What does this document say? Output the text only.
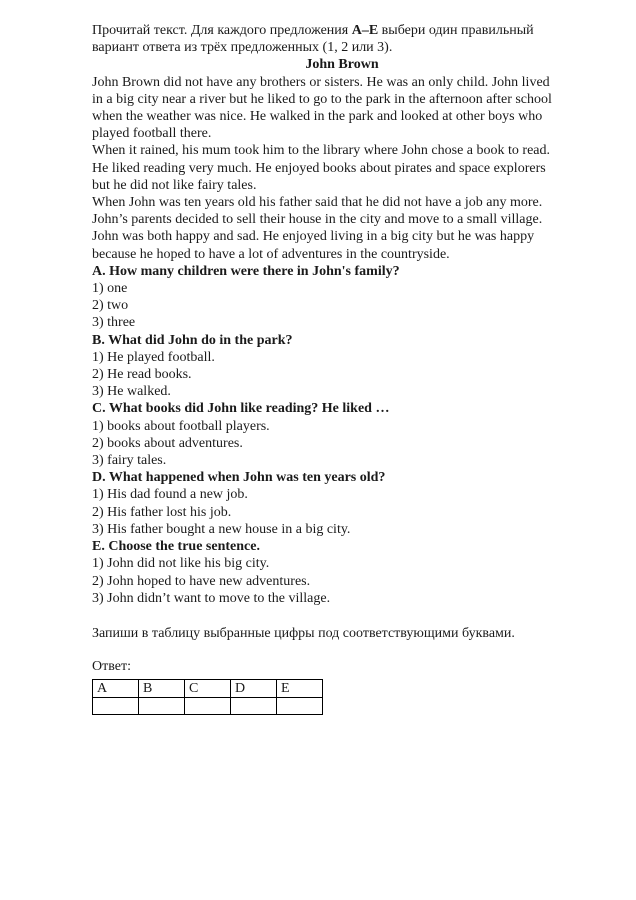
Прочитай текст. Для каждого предложения A–E выбери один правильный
вариант ответа из трёх предложенных (1, 2 или 3).
John Brown
John Brown did not have any brothers or sisters. He was an only child. John lived
in a big city near a river but he liked to go to the park in the afternoon after school
when the weather was nice. He walked in the park and looked at other boys who
played football there.
When it rained, his mum took him to the library where John chose a book to read.
He liked reading very much. He enjoyed books about pirates and space explorers
but he did not like fairy tales.
When John was ten years old his father said that he did not have a job any more.
John’s parents decided to sell their house in the city and move to a small village.
John was both happy and sad. He enjoyed living in a big city but he was happy
because he hoped to have a lot of adventures in the countryside.
A. How many children were there in John's family?
1) one
2) two
3) three
B. What did John do in the park?
1) He played football.
2) He read books.
3) He walked.
C. What books did John like reading? He liked …
1) books about football players.
2) books about adventures.
3) fairy tales.
D. What happened when John was ten years old?
1) His dad found a new job.
2) His father lost his job.
3) His father bought a new house in a big city.
E. Choose the true sentence.
1) John did not like his big city.
2) John hoped to have new adventures.
3) John didn’t want to move to the village.
Запиши в таблицу выбранные цифры под соответствующими буквами.
Ответ:
A	B	C	D	E
